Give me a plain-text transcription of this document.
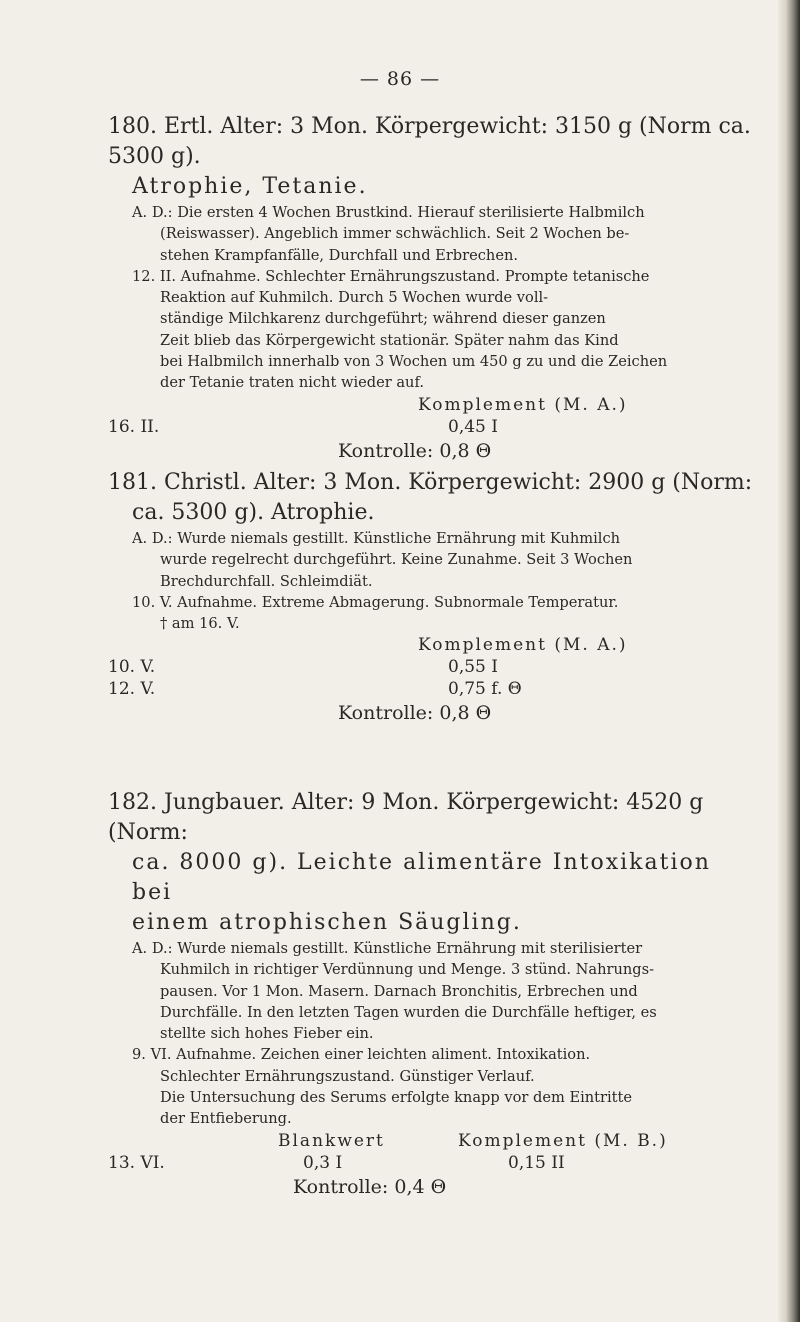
— 86 —
180. Ertl. Alter: 3 Mon. Körpergewicht: 3150 g (Norm ca. 5300 g).
Atrophie, Tetanie.
A. D.: Die ersten 4 Wochen Brustkind. Hierauf sterilisierte Halbmilch
(Reiswasser). Angeblich immer schwächlich. Seit 2 Wochen be-
stehen Krampfanfälle, Durchfall und Erbrechen.
12. II. Aufnahme. Schlechter Ernährungszustand. Prompte tetanische
Reaktion auf Kuhmilch. Durch 5 Wochen wurde voll-
ständige Milchkarenz durchgeführt; während dieser ganzen
Zeit blieb das Körpergewicht stationär. Später nahm das Kind
bei Halbmilch innerhalb von 3 Wochen um 450 g zu und die Zeichen
der Tetanie traten nicht wieder auf.
Komplement (M. A.)
16. II.	0,45 I
Kontrolle: 0,8 Θ
181. Christl. Alter: 3 Mon. Körpergewicht: 2900 g (Norm:
ca. 5300 g). Atrophie.
A. D.: Wurde niemals gestillt. Künstliche Ernährung mit Kuhmilch
wurde regelrecht durchgeführt. Keine Zunahme. Seit 3 Wochen
Brechdurchfall. Schleimdiät.
10. V. Aufnahme. Extreme Abmagerung. Subnormale Temperatur.
† am 16. V.
Komplement (M. A.)
10. V.	0,55 I
12. V.	0,75 f. Θ
Kontrolle: 0,8 Θ
182. Jungbauer. Alter: 9 Mon. Körpergewicht: 4520 g (Norm:
ca. 8000 g). Leichte alimentäre Intoxikation bei
einem atrophischen Säugling.
A. D.: Wurde niemals gestillt. Künstliche Ernährung mit sterilisierter
Kuhmilch in richtiger Verdünnung und Menge. 3 stünd. Nahrungs-
pausen. Vor 1 Mon. Masern. Darnach Bronchitis, Erbrechen und
Durchfälle. In den letzten Tagen wurden die Durchfälle heftiger, es
stellte sich hohes Fieber ein.
9. VI. Aufnahme. Zeichen einer leichten aliment. Intoxikation.
Schlechter Ernährungszustand. Günstiger Verlauf.
Die Untersuchung des Serums erfolgte knapp vor dem Eintritte
der Entfieberung.
Blankwert	Komplement (M. B.)
13. VI.	0,3 I	0,15 II
Kontrolle: 0,4 Θ
